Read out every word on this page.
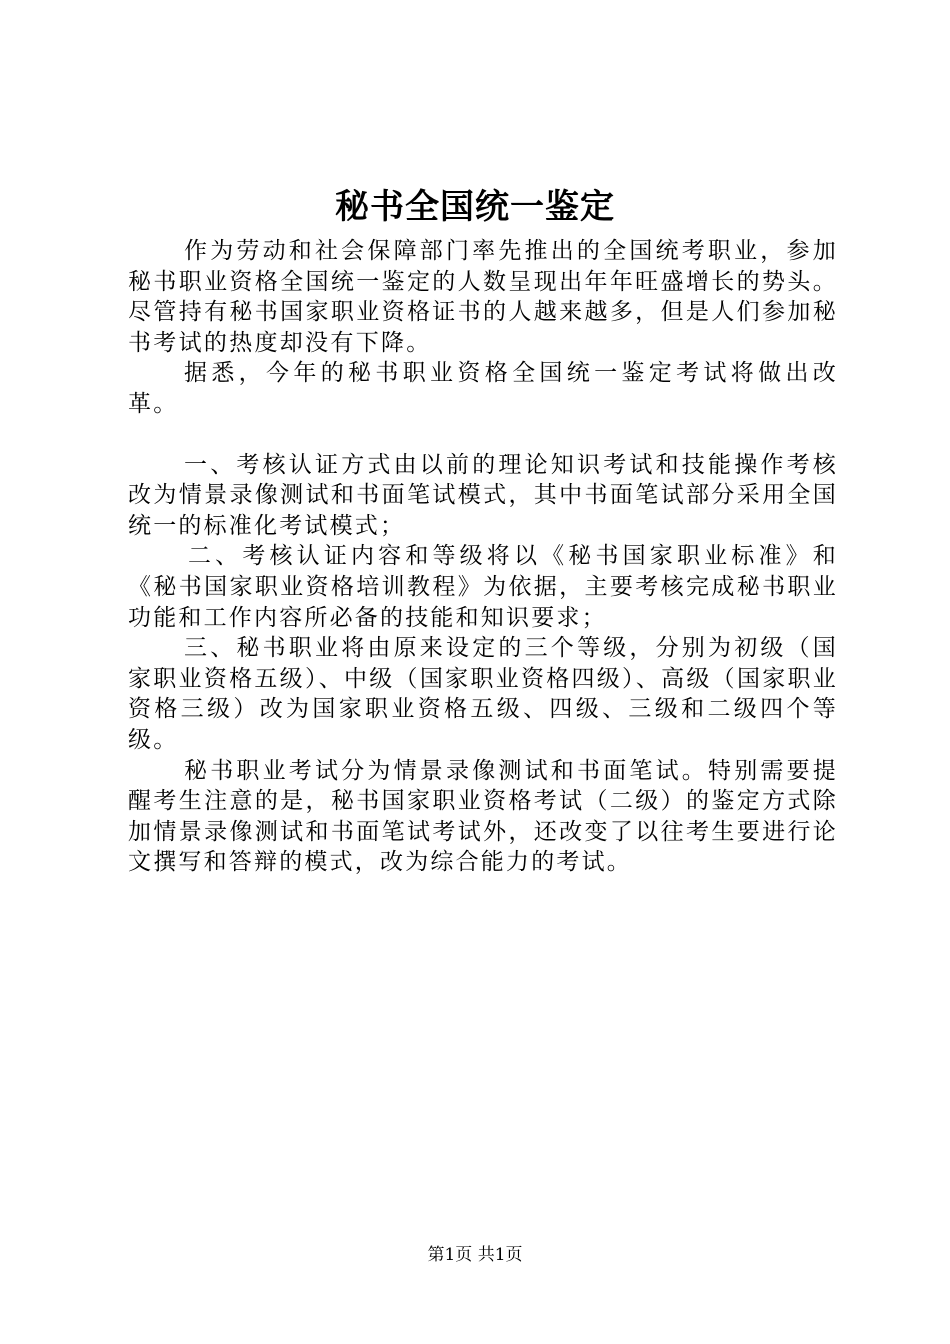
秘书全国统一鉴定

作为劳动和社会保障部门率先推出的全国统考职业，参加秘书职业资格全国统一鉴定的人数呈现出年年旺盛增长的势头。尽管持有秘书国家职业资格证书的人越来越多，但是人们参加秘书考试的热度却没有下降。

据悉，今年的秘书职业资格全国统一鉴定考试将做出改革。

一、考核认证方式由以前的理论知识考试和技能操作考核改为情景录像测试和书面笔试模式，其中书面笔试部分采用全国统一的标准化考试模式；

二、考核认证内容和等级将以《秘书国家职业标准》和《秘书国家职业资格培训教程》为依据，主要考核完成秘书职业功能和工作内容所必备的技能和知识要求；

三、秘书职业将由原来设定的三个等级，分别为初级（国家职业资格五级）、中级（国家职业资格四级）、高级（国家职业资格三级）改为国家职业资格五级、四级、三级和二级四个等级。

秘书职业考试分为情景录像测试和书面笔试。特别需要提醒考生注意的是，秘书国家职业资格考试（二级）的鉴定方式除加情景录像测试和书面笔试考试外，还改变了以往考生要进行论文撰写和答辩的模式，改为综合能力的考试。

第1页 共1页
